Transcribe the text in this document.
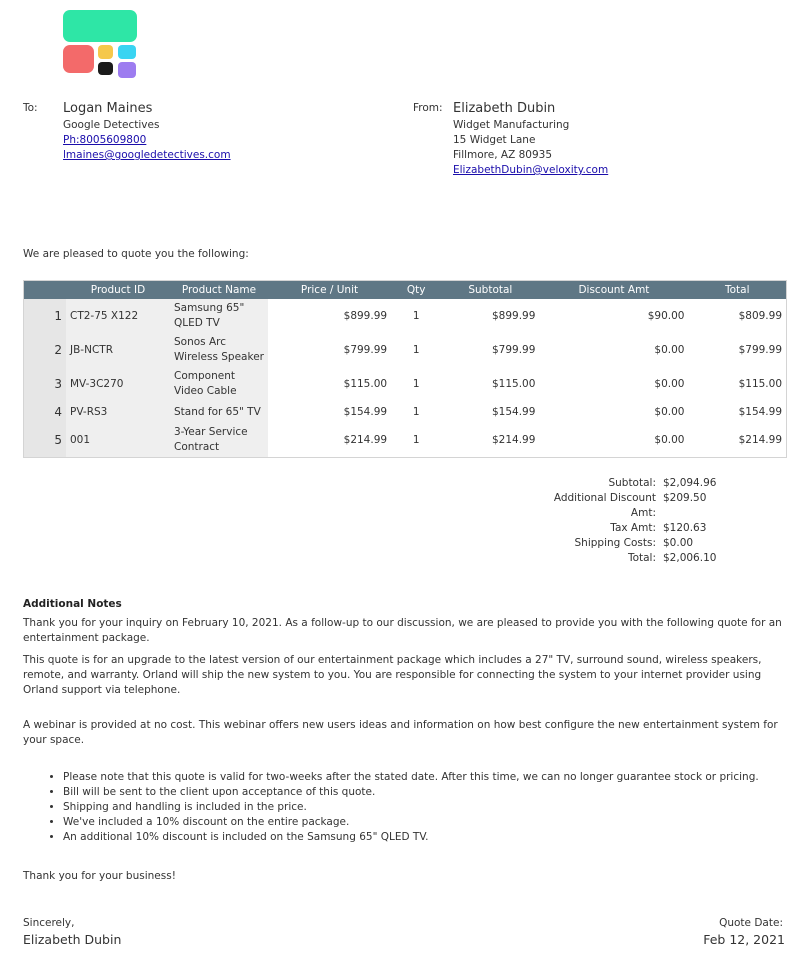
To: Logan Maines
Google Detectives
Ph:8005609800
lmaines@googledetectives.com
From: Elizabeth Dubin
Widget Manufacturing
15 Widget Lane
Fillmore, AZ 80935
ElizabethDubin@veloxity.com
We are pleased to quote you the following:
	Product ID	Product Name	Price / Unit	Qty	Subtotal	Discount Amt	Total
1	CT2-75 X122	Samsung 65" QLED TV	$899.99	1	$899.99	$90.00	$809.99
2	JB-NCTR	Sonos Arc Wireless Speaker	$799.99	1	$799.99	$0.00	$799.99
3	MV-3C270	Component Video Cable	$115.00	1	$115.00	$0.00	$115.00
4	PV-RS3	Stand for 65" TV	$154.99	1	$154.99	$0.00	$154.99
5	001	3-Year Service Contract	$214.99	1	$214.99	$0.00	$214.99
Subtotal: $2,094.96
Additional Discount Amt:
$209.50
Tax Amt: $120.63
Shipping Costs: $0.00
Total: $2,006.10
Additional Notes

Thank you for your inquiry on February 10, 2021. As a follow-up to our discussion, we are pleased to provide you with the following quote for an entertainment package.

This quote is for an upgrade to the latest version of our entertainment package which includes a 27" TV, surround sound, wireless speakers, remote, and warranty. Orland will ship the new system to you. You are responsible for connecting the system to your internet provider using Orland support via telephone.

A webinar is provided at no cost. This webinar offers new users ideas and information on how best configure the new entertainment system for your space.

• Please note that this quote is valid for two-weeks after the stated date. After this time, we can no longer guarantee stock or pricing.
• Bill will be sent to the client upon acceptance of this quote.
• Shipping and handling is included in the price.
• We've included a 10% discount on the entire package.
• An additional 10% discount is included on the Samsung 65" QLED TV.
Thank you for your business!
Sincerely,
Elizabeth Dubin
Quote Date:
Feb 12, 2021
